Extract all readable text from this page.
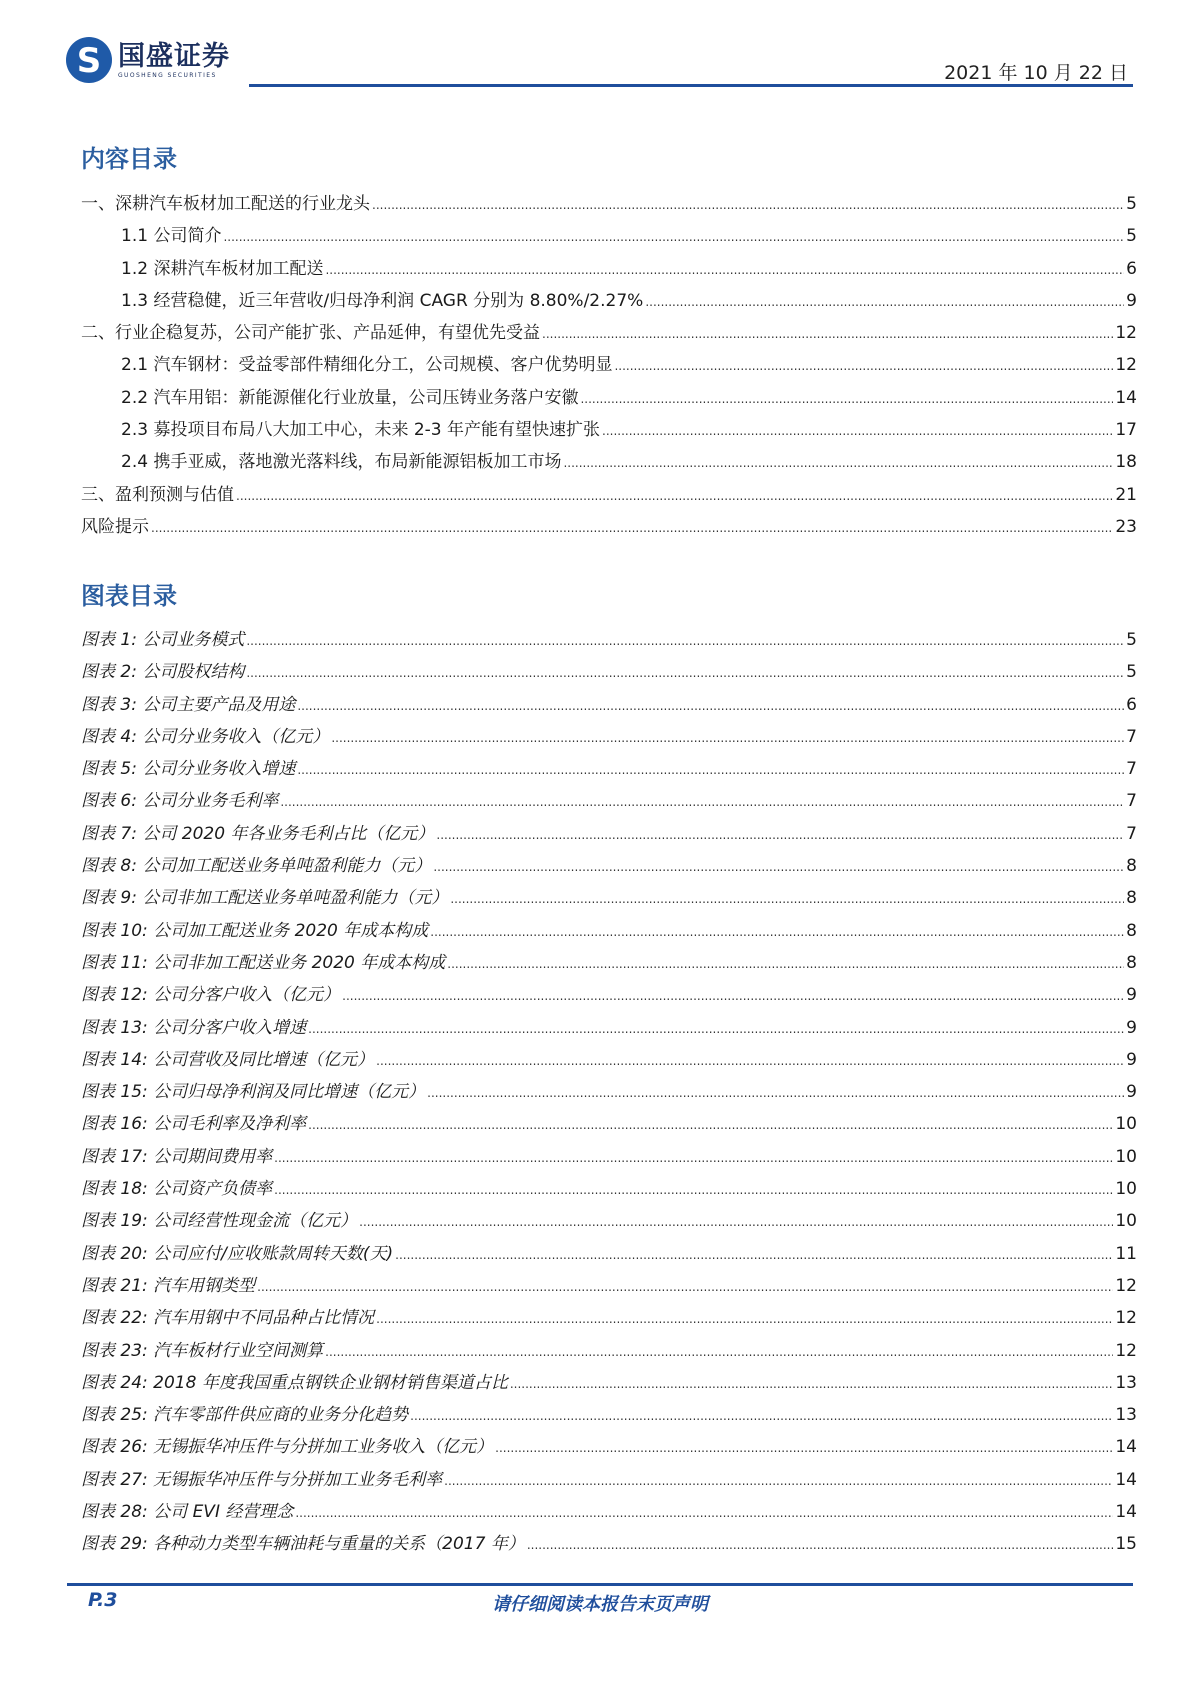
S
国盛证券
GUOSHENG SECURITIES	2021 年 10 月 22 日
内容目录
一、深耕汽车板材加工配送的行业龙头 .....	5
1.1 公司简介 .....	5
1.2 深耕汽车板材加工配送 .....	6
1.3 经营稳健，近三年营收/归母净利润 CAGR 分别为 8.80%/2.27% .....	9
二、行业企稳复苏，公司产能扩张、产品延伸，有望优先受益 .....	12
2.1 汽车钢材：受益零部件精细化分工，公司规模、客户优势明显 .....	12
2.2 汽车用铝：新能源催化行业放量，公司压铸业务落户安徽 .....	14
2.3 募投项目布局八大加工中心，未来 2-3 年产能有望快速扩张 .....	17
2.4 携手亚威，落地激光落料线，布局新能源铝板加工市场 .....	18
三、盈利预测与估值 .....	21
风险提示 .....	23
图表目录
图表 1: 公司业务模式 .....	5
图表 2: 公司股权结构 .....	5
图表 3: 公司主要产品及用途 .....	6
图表 4: 公司分业务收入（亿元） .....	7
图表 5: 公司分业务收入增速 .....	7
图表 6: 公司分业务毛利率 .....	7
图表 7: 公司 2020 年各业务毛利占比（亿元） .....	7
图表 8: 公司加工配送业务单吨盈利能力（元） .....	8
图表 9: 公司非加工配送业务单吨盈利能力（元） .....	8
图表 10: 公司加工配送业务 2020 年成本构成 .....	8
图表 11: 公司非加工配送业务 2020 年成本构成 .....	8
图表 12: 公司分客户收入（亿元） .....	9
图表 13: 公司分客户收入增速 .....	9
图表 14: 公司营收及同比增速（亿元） .....	9
图表 15: 公司归母净利润及同比增速（亿元） .....	9
图表 16: 公司毛利率及净利率 .....	10
图表 17: 公司期间费用率 .....	10
图表 18: 公司资产负债率 .....	10
图表 19: 公司经营性现金流（亿元） .....	10
图表 20: 公司应付/应收账款周转天数(天) .....	11
图表 21: 汽车用钢类型 .....	12
图表 22: 汽车用钢中不同品种占比情况 .....	12
图表 23: 汽车板材行业空间测算 .....	12
图表 24: 2018 年度我国重点钢铁企业钢材销售渠道占比 .....	13
图表 25: 汽车零部件供应商的业务分化趋势 .....	13
图表 26: 无锡振华冲压件与分拼加工业务收入（亿元） .....	14
图表 27: 无锡振华冲压件与分拼加工业务毛利率 .....	14
图表 28: 公司 EVI 经营理念 .....	14
图表 29: 各种动力类型车辆油耗与重量的关系（2017 年） .....	15
P.3	请仔细阅读本报告末页声明
